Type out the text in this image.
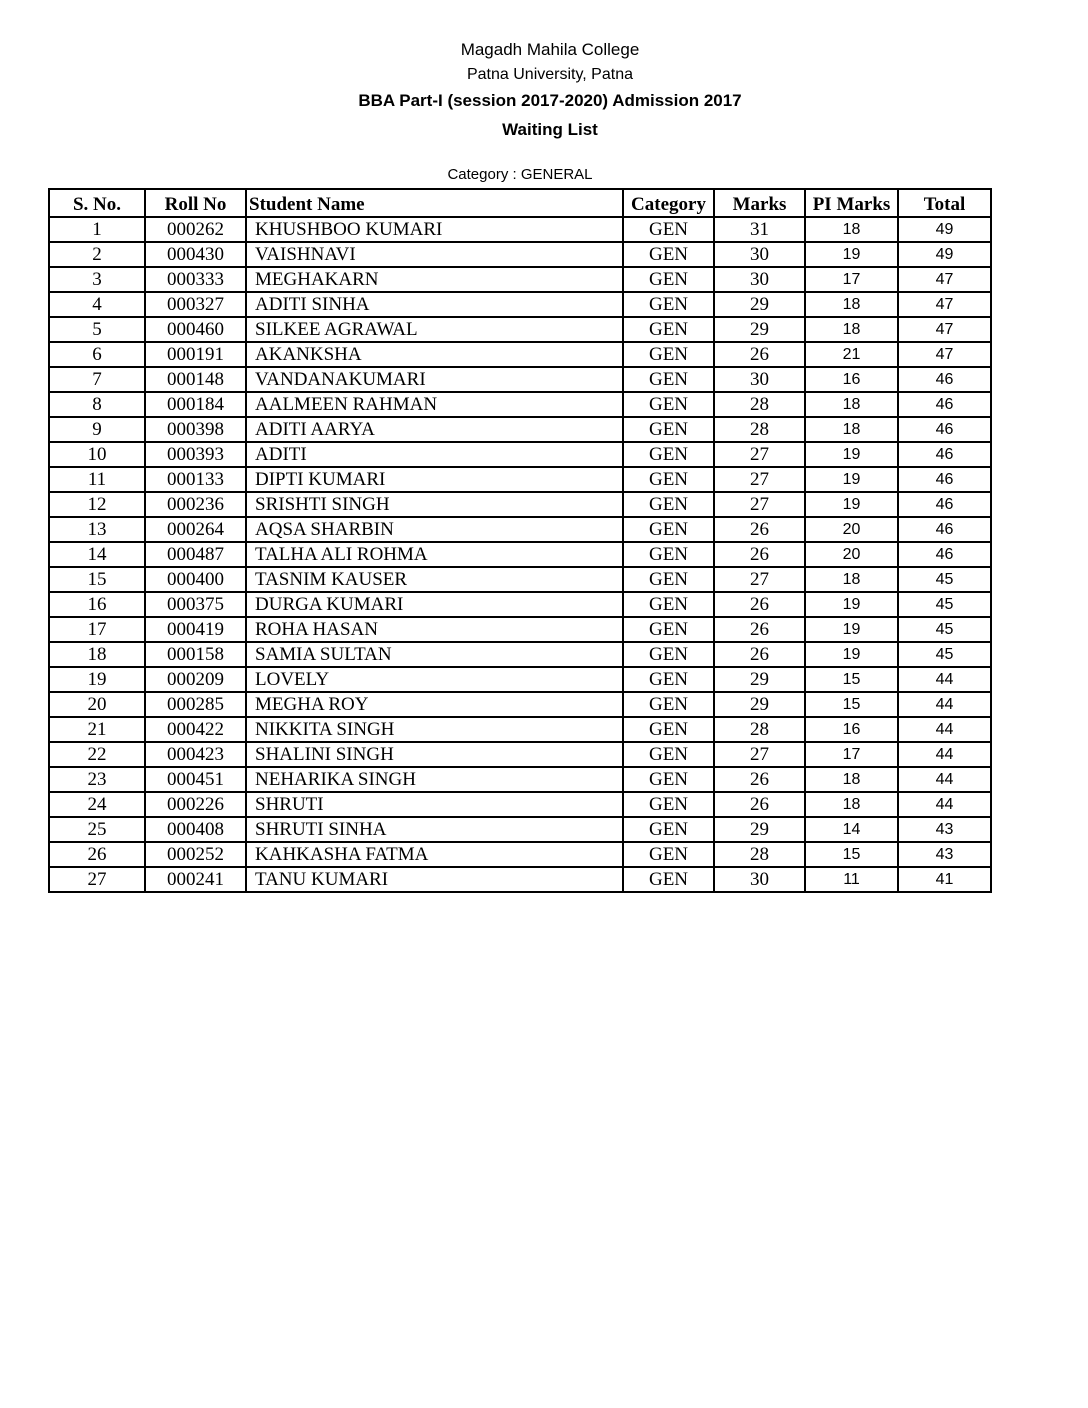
Magadh Mahila College
Patna University, Patna
BBA Part-I (session 2017-2020) Admission 2017
Waiting List
Category : GENERAL
S. No.	Roll No	Student Name	Category	Marks	PI Marks	Total
1	000262	KHUSHBOO KUMARI	GEN	31	18	49
2	000430	VAISHNAVI	GEN	30	19	49
3	000333	MEGHAKARN	GEN	30	17	47
4	000327	ADITI SINHA	GEN	29	18	47
5	000460	SILKEE AGRAWAL	GEN	29	18	47
6	000191	AKANKSHA	GEN	26	21	47
7	000148	VANDANAKUMARI	GEN	30	16	46
8	000184	AALMEEN RAHMAN	GEN	28	18	46
9	000398	ADITI AARYA	GEN	28	18	46
10	000393	ADITI	GEN	27	19	46
11	000133	DIPTI KUMARI	GEN	27	19	46
12	000236	SRISHTI SINGH	GEN	27	19	46
13	000264	AQSA SHARBIN	GEN	26	20	46
14	000487	TALHA ALI ROHMA	GEN	26	20	46
15	000400	TASNIM KAUSER	GEN	27	18	45
16	000375	DURGA KUMARI	GEN	26	19	45
17	000419	ROHA HASAN	GEN	26	19	45
18	000158	SAMIA SULTAN	GEN	26	19	45
19	000209	LOVELY	GEN	29	15	44
20	000285	MEGHA ROY	GEN	29	15	44
21	000422	NIKKITA SINGH	GEN	28	16	44
22	000423	SHALINI SINGH	GEN	27	17	44
23	000451	NEHARIKA SINGH	GEN	26	18	44
24	000226	SHRUTI	GEN	26	18	44
25	000408	SHRUTI SINHA	GEN	29	14	43
26	000252	KAHKASHA FATMA	GEN	28	15	43
27	000241	TANU KUMARI	GEN	30	11	41
